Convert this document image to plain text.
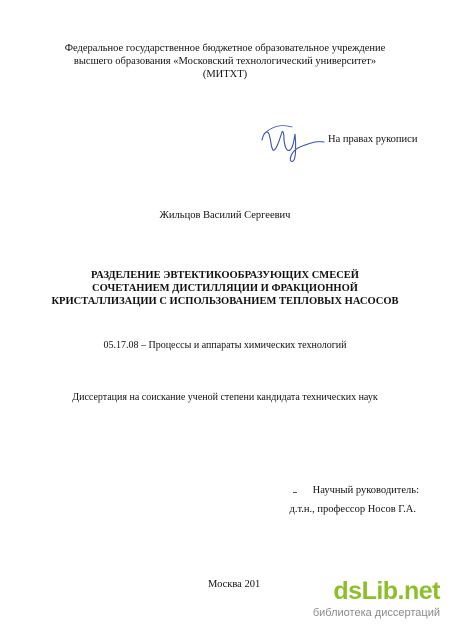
Федеральное государственное бюджетное образовательное учреждение
высшего образования «Московский технологический университет»
(МИТХТ)
На правах рукописи
Жильцов Василий Сергеевич
РАЗДЕЛЕНИЕ ЭВТЕКТИКООБРАЗУЮЩИХ СМЕСЕЙ
СОЧЕТАНИЕМ ДИСТИЛЛЯЦИИ И ФРАКЦИОННОЙ
КРИСТАЛЛИЗАЦИИ С ИСПОЛЬЗОВАНИЕМ ТЕПЛОВЫХ НАСОСОВ
05.17.08 – Процессы и аппараты химических технологий
Диссертация на соискание ученой степени кандидата технических наук
Научный руководитель:
д.т.н., профессор Носов Г.А.
Москва 201	dsLib.net
библиотека диссертаций
